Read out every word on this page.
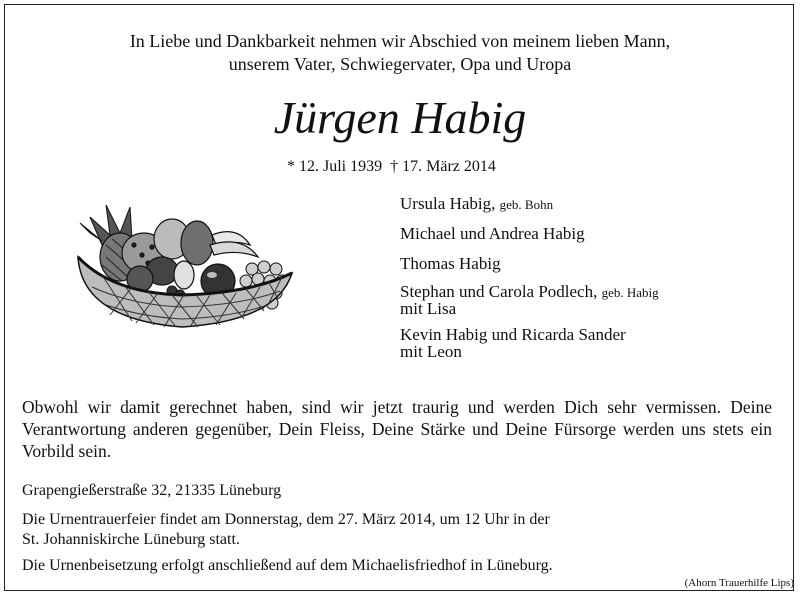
In Liebe und Dankbarkeit nehmen wir Abschied von meinem lieben Mann,
unserem Vater, Schwiegervater, Opa und Uropa
Jürgen Habig
* 12. Juli 1939 † 17. März 2014
Ursula Habig, geb. Bohn
Michael und Andrea Habig
Thomas Habig
Stephan und Carola Podlech, geb. Habig
mit Lisa
Kevin Habig und Ricarda Sander
mit Leon
Obwohl wir damit gerechnet haben, sind wir jetzt traurig und werden Dich sehr vermissen. Deine Verantwortung anderen gegenüber, Dein Fleiss, Deine Stärke und Deine Fürsorge werden uns stets ein Vorbild sein.
Grapengießerstraße 32, 21335 Lüneburg
Die Urnentrauerfeier findet am Donnerstag, dem 27. März 2014, um 12 Uhr in der
St. Johanniskirche Lüneburg statt.
Die Urnenbeisetzung erfolgt anschließend auf dem Michaelisfriedhof in Lüneburg.
(Ahorn Trauerhilfe Lips)
